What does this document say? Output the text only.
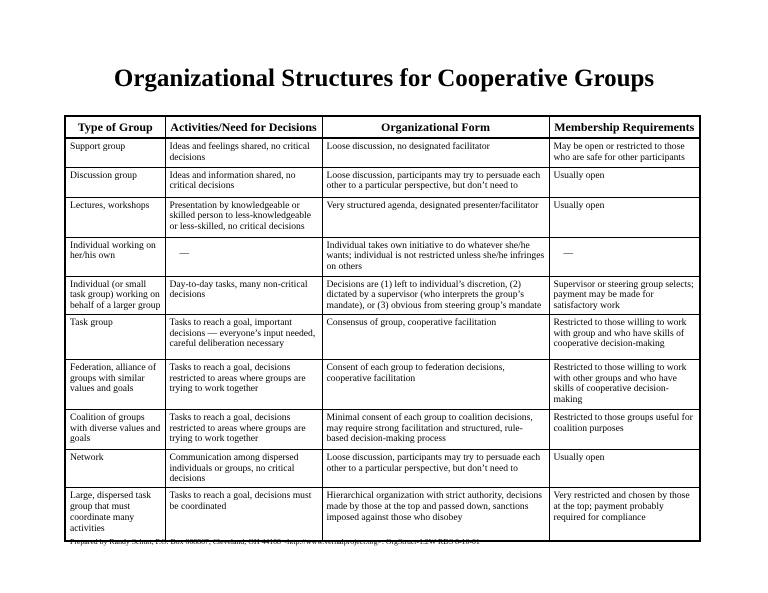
Organizational Structures for Cooperative Groups
Type of Group	Activities/Need for Decisions	Organizational Form	Membership Requirements
Support group	Ideas and feelings shared, no critical decisions	Loose discussion, no designated facilitator	May be open or restricted to those who are safe for other participants
Discussion group	Ideas and information shared, no critical decisions	Loose discussion, participants may try to persuade each other to a particular perspective, but don’t need to	Usually open
Lectures, workshops	Presentation by knowledgeable or skilled person to less-knowledgeable or less-skilled, no critical decisions	Very structured agenda, designated presenter/facilitator	Usually open
Individual working on her/his own	—	Individual takes own initiative to do whatever she/he wants; individual is not restricted unless she/he infringes on others	—
Individual (or small task group) working on behalf of a larger group	Day-to-day tasks, many non-critical decisions	Decisions are (1) left to individual’s discretion, (2) dictated by a supervisor (who interprets the group’s mandate), or (3) obvious from steering group’s mandate	Supervisor or steering group selects; payment may be made for satisfactory work
Task group	Tasks to reach a goal, important decisions — everyone’s input needed, careful deliberation necessary	Consensus of group, cooperative facilitation	Restricted to those willing to work with group and who have skills of cooperative decision-making
Federation, alliance of groups with similar values and goals	Tasks to reach a goal, decisions restricted to areas where groups are trying to work together	Consent of each group to federation decisions, cooperative facilitation	Restricted to those willing to work with other groups and who have skills of cooperative decision-making
Coalition of groups with diverse values and goals	Tasks to reach a goal, decisions restricted to areas where groups are trying to work together	Minimal consent of each group to coalition decisions, may require strong facilitation and structured, rule-based decision-making process	Restricted to those groups useful for coalition purposes
Network	Communication among dispersed individuals or groups, no critical decisions	Loose discussion, participants may try to persuade each other to a particular perspective, but don’t need to	Usually open
Large, dispersed task group that must coordinate many activities	Tasks to reach a goal, decisions must be coordinated	Hierarchical organization with strict authority, decisions made by those at the top and passed down, sanctions imposed against those who disobey	Very restricted and chosen by those at the top; payment probably required for compliance
Prepared by Randy Schutt, P.O. Box 608867, Cleveland, OH 44108 <http://www.vernalproject.org>. OrgStruct-1.2W RDS 8-10-01
